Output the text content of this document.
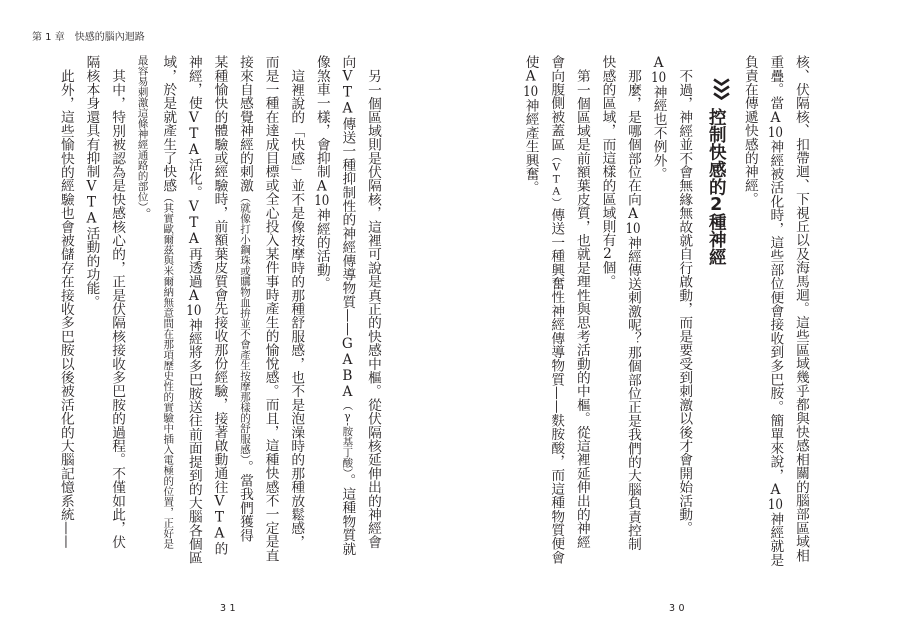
第 1 章 快感的腦內迴路

核、伏隔核、扣帶迴、下視丘以及海馬迴。這些區域幾乎都與快感相關的腦部區域相

重疊。當A10神經被活化時，這些部位便會接收到多巴胺。簡單來說，A10神經就是

負責在傳遞快感的神經。

控制快感的2種神經

不過，神經並不會無緣無故就自行啟動，而是要受到刺激以後才會開始活動。

A10神經也不例外。

那麼，是哪個部位在向A10神經傳送刺激呢？那個部位正是我們的大腦負責控制

快感的區域，而這樣的區域則有2個。

第一個區域是前額葉皮質，也就是理性與思考活動的中樞。從這裡延伸出的神經

會向腹側被蓋區（VTA）傳送一種興奮性神經傳導物質——麩胺酸，而這種物質便會

使A10神經產生興奮。

另一個區域則是伏隔核，這裡可說是真正的快感中樞。從伏隔核延伸出的神經會

向VTA傳送一種抑制性的神經傳導物質——GABA（γ-胺基丁酸）。這種物質就

像煞車一樣，會抑制A10神經的活動。

這裡說的「快感」並不是像按摩時的那種舒服感，也不是泡澡時的那種放鬆感，

而是一種在達成目標或全心投入某件事時產生的愉悅感。而且，這種快感不一定是直

接來自感覺神經的刺激（就像打小鋼珠或購物血拚並不會產生按摩那樣的舒服感）。當我們獲得

某種愉快的體驗或經驗時，前額葉皮質會先接收那份經驗，接著啟動通往VTA的

神經，使VTA活化。VTA再透過A10神經將多巴胺送往前面提到的大腦各個區

域，於是就產生了快感（其實歐爾茲與米爾納無意間在那項歷史性的實驗中插入電極的位置，正好是

最容易刺激這條神經通路的部位）。

其中，特別被認為是快感核心的，正是伏隔核接收多巴胺的過程。不僅如此，伏

隔核本身還具有抑制VTA活動的功能。

此外，這些愉快的經驗也會被儲存在接收多巴胺以後被活化的大腦記憶系統——

31	30
